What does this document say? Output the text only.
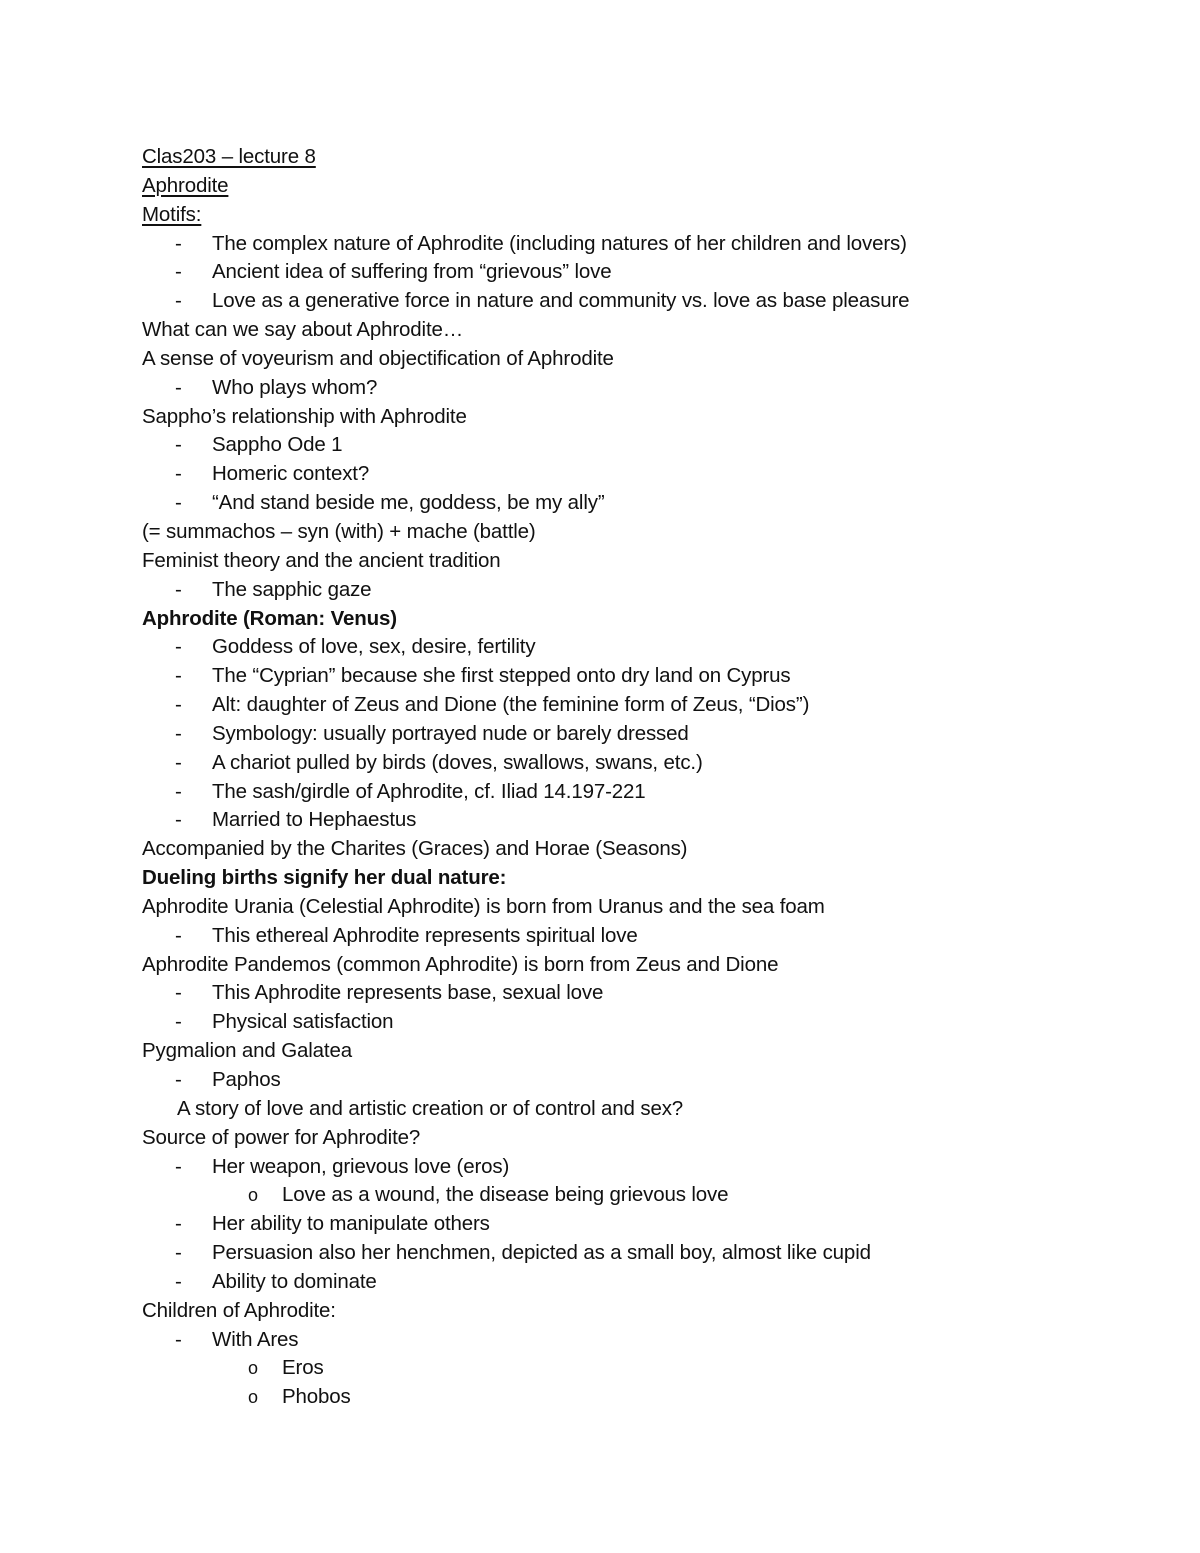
Clas203 – lecture 8
Aphrodite
Motifs:
- The complex nature of Aphrodite (including natures of her children and lovers)
- Ancient idea of suffering from “grievous” love
- Love as a generative force in nature and community vs. love as base pleasure
What can we say about Aphrodite…
A sense of voyeurism and objectification of Aphrodite
- Who plays whom?
Sappho’s relationship with Aphrodite
- Sappho Ode 1
- Homeric context?
- “And stand beside me, goddess, be my ally”
(= summachos – syn (with) + mache (battle)
Feminist theory and the ancient tradition
- The sapphic gaze
Aphrodite (Roman: Venus)
- Goddess of love, sex, desire, fertility
- The “Cyprian” because she first stepped onto dry land on Cyprus
- Alt: daughter of Zeus and Dione (the feminine form of Zeus, “Dios”)
- Symbology: usually portrayed nude or barely dressed
- A chariot pulled by birds (doves, swallows, swans, etc.)
- The sash/girdle of Aphrodite, cf. Iliad 14.197-221
- Married to Hephaestus
Accompanied by the Charites (Graces) and Horae (Seasons)
Dueling births signify her dual nature:
Aphrodite Urania (Celestial Aphrodite) is born from Uranus and the sea foam
- This ethereal Aphrodite represents spiritual love
Aphrodite Pandemos (common Aphrodite) is born from Zeus and Dione
- This Aphrodite represents base, sexual love
- Physical satisfaction
Pygmalion and Galatea
- Paphos
A story of love and artistic creation or of control and sex?
Source of power for Aphrodite?
- Her weapon, grievous love (eros)
o Love as a wound, the disease being grievous love
- Her ability to manipulate others
- Persuasion also her henchmen, depicted as a small boy, almost like cupid
- Ability to dominate
Children of Aphrodite:
- With Ares
o Eros
o Phobos
